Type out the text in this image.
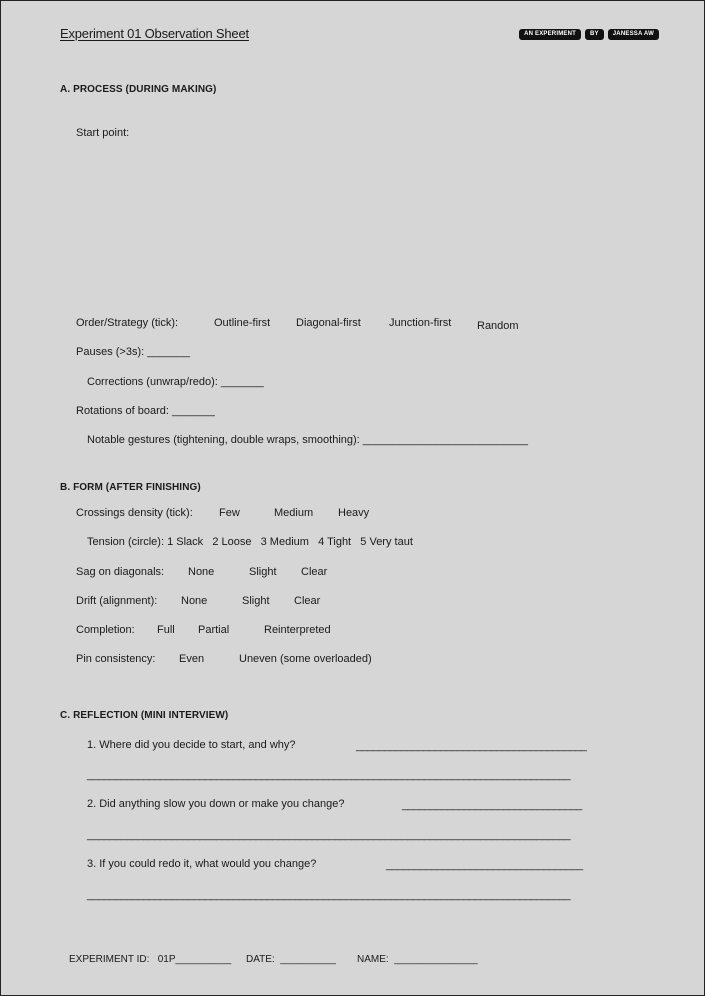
Experiment 01 Observation Sheet	AN EXPERIMENT	BY	JANESSA AW
A. PROCESS (DURING MAKING)
Start point:
Order/Strategy (tick):	Outline-first Diagonal-first	Junction-first Random
Pauses (>3s): _______
Corrections (unwrap/redo): _______
Rotations of board: _______
Notable gestures (tightening, double wraps, smoothing): ___________________________
B. FORM (AFTER FINISHING)
Crossings density (tick): Few	Medium Heavy
Tension (circle): 1 Slack   2 Loose   3 Medium   4 Tight   5 Very taut
Sag on diagonals: None	Slight Clear
Drift (alignment): None	Slight Clear
Completion: Full Partial	Reinterpreted
Pin consistency: Even	Uneven (some overloaded)
C. REFLECTION (MINI INTERVIEW)
1. Where did you decide to start, and why?	_________________________________________
______________________________________________________________________________________
2. Did anything slow you down or make you change?	________________________________
______________________________________________________________________________________
3. If you could redo it, what would you change?	___________________________________
______________________________________________________________________________________
EXPERIMENT ID:   01P__________ DATE:  __________ NAME:  _______________
